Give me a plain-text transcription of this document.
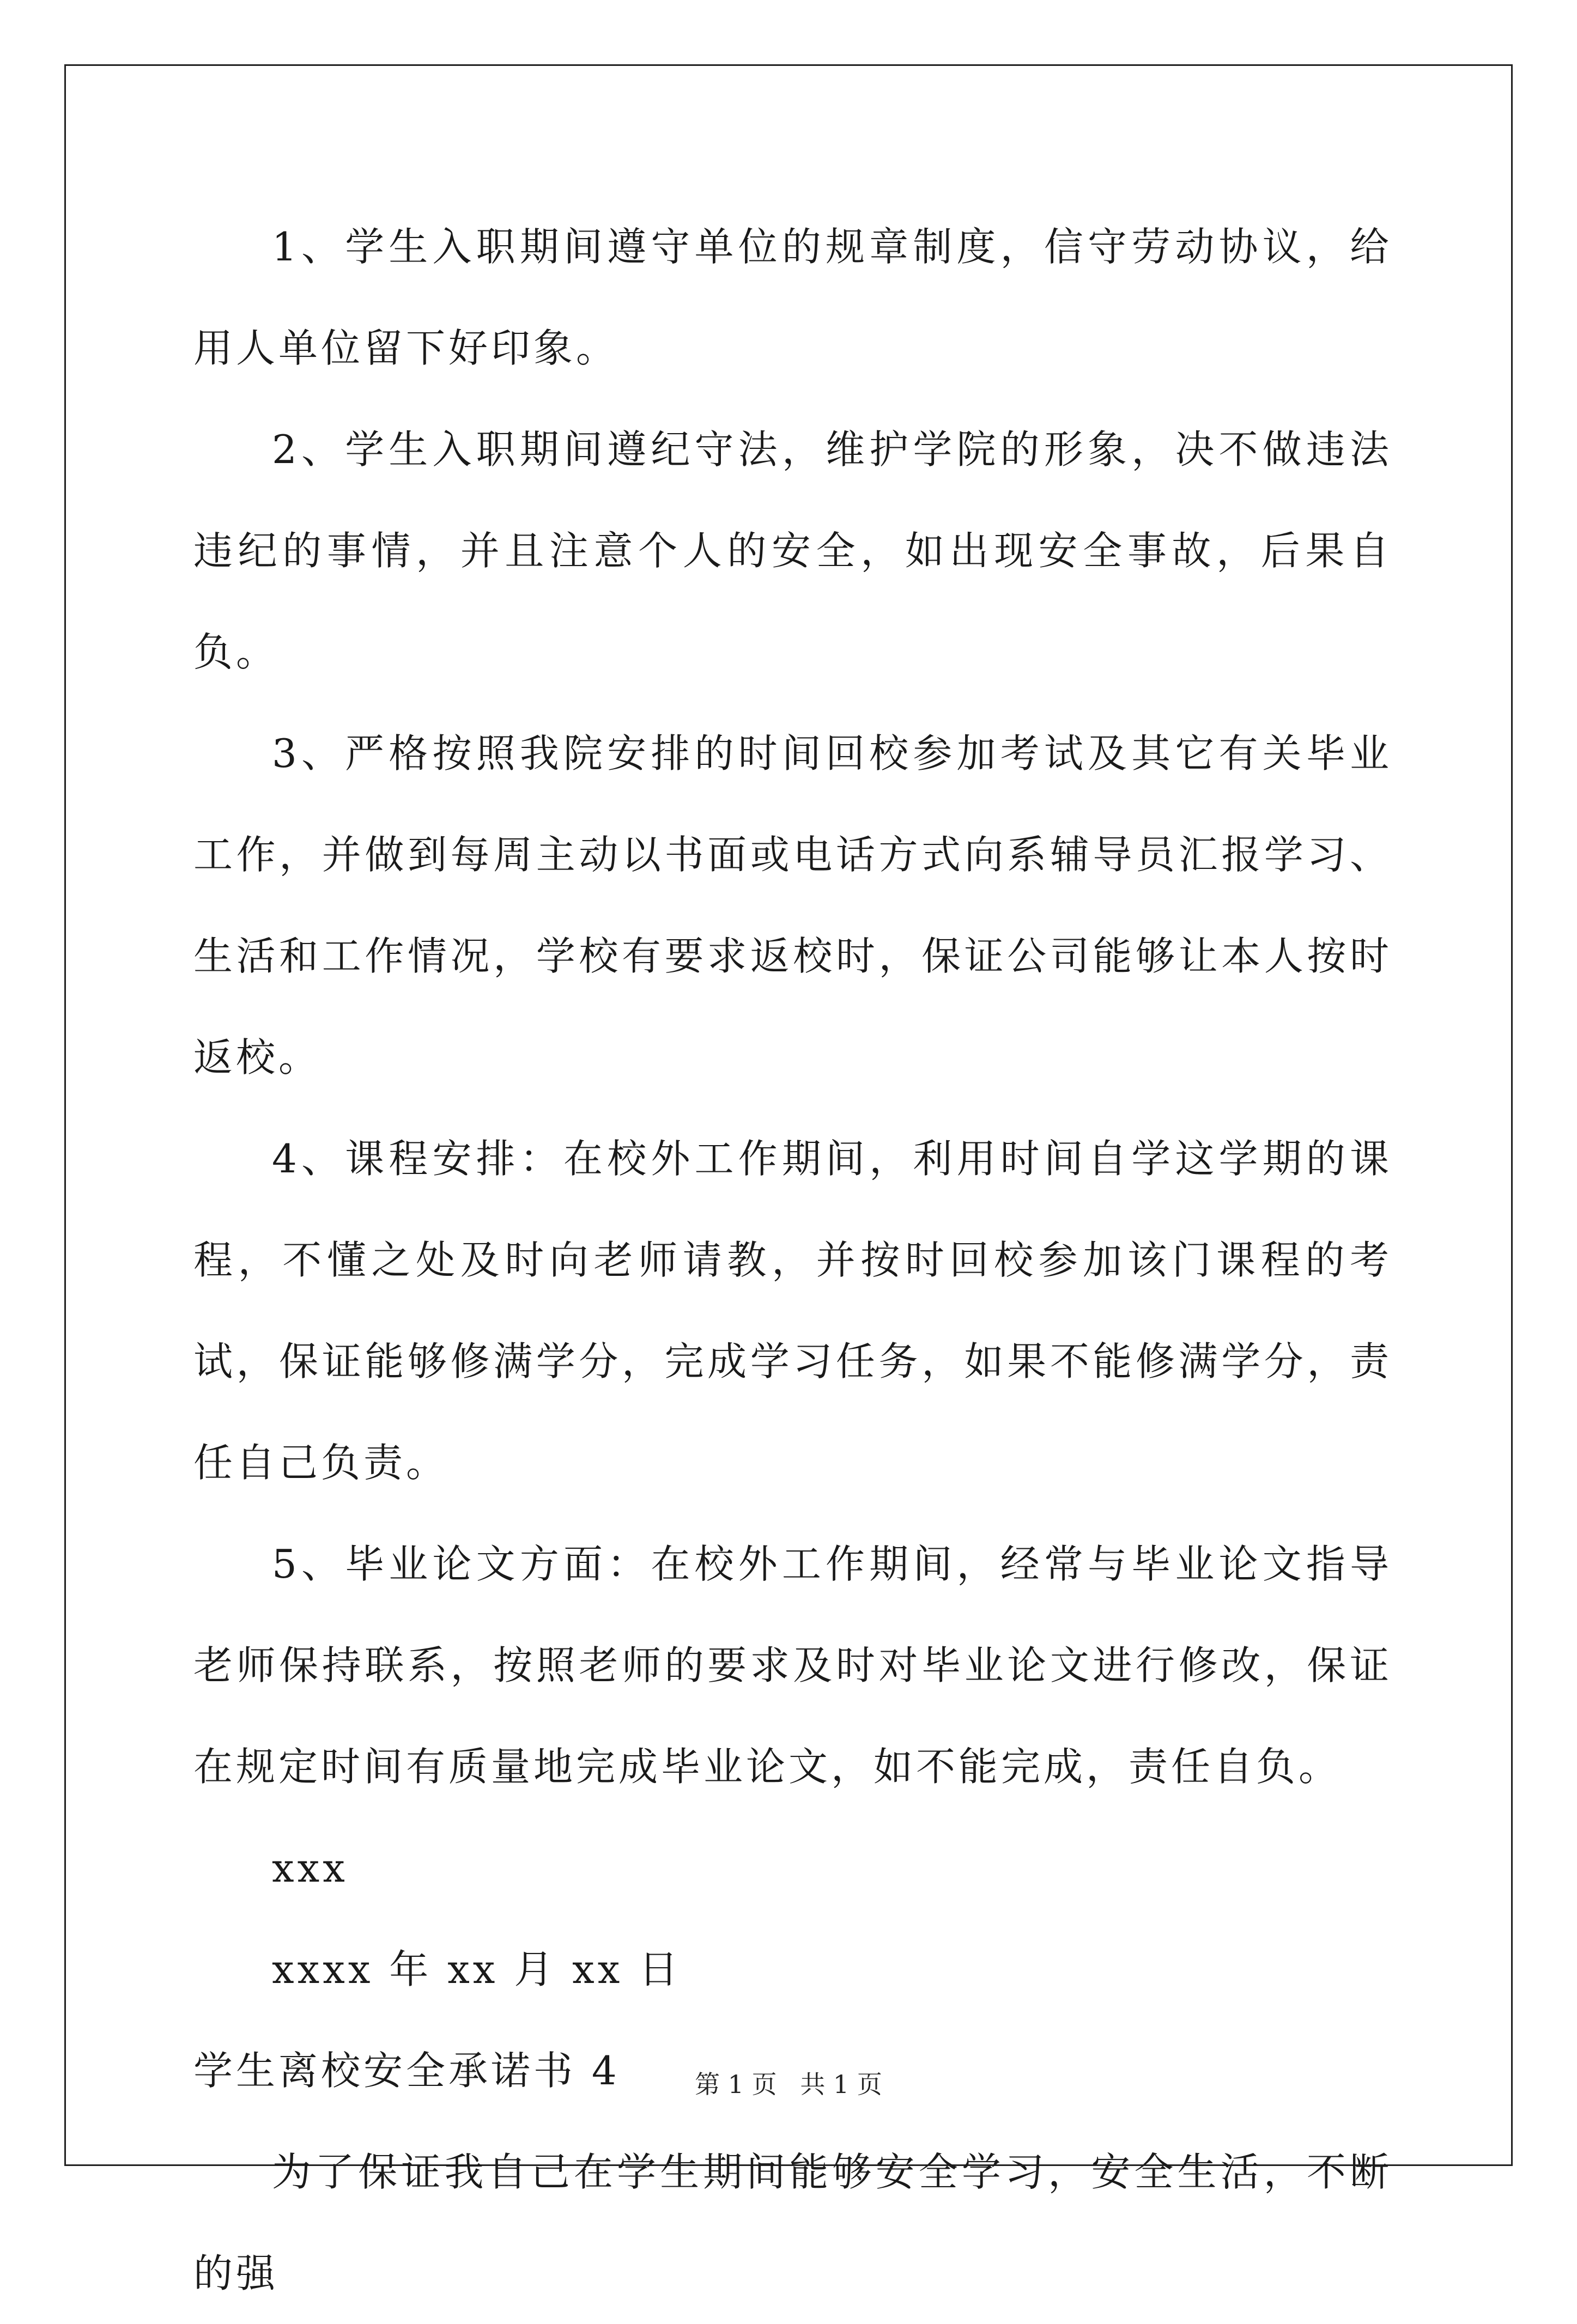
1、学生入职期间遵守单位的规章制度，信守劳动协议，给用人单位留下好印象。

2、学生入职期间遵纪守法，维护学院的形象，决不做违法违纪的事情，并且注意个人的安全，如出现安全事故，后果自负。

3、严格按照我院安排的时间回校参加考试及其它有关毕业工作，并做到每周主动以书面或电话方式向系辅导员汇报学习、生活和工作情况，学校有要求返校时，保证公司能够让本人按时返校。

4、课程安排：在校外工作期间，利用时间自学这学期的课程，不懂之处及时向老师请教，并按时回校参加该门课程的考试，保证能够修满学分，完成学习任务，如果不能修满学分，责任自己负责。

5、毕业论文方面：在校外工作期间，经常与毕业论文指导老师保持联系，按照老师的要求及时对毕业论文进行修改，保证在规定时间有质量地完成毕业论文，如不能完成，责任自负。

xxx

xxxx 年 xx 月 xx 日

学生离校安全承诺书 4

为了保证我自己在学生期间能够安全学习，安全生活，不断的强

第 1 页 共 1 页
